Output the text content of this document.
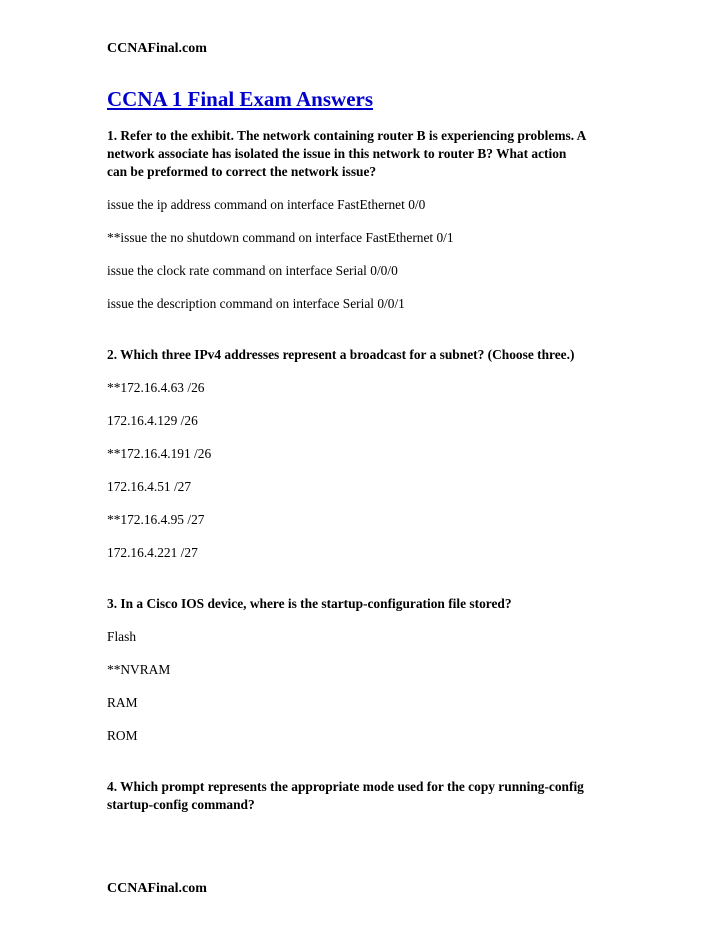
CCNAFinal.com
CCNA 1 Final Exam Answers

1. Refer to the exhibit. The network containing router B is experiencing problems. A
network associate has isolated the issue in this network to router B? What action
can be preformed to correct the network issue?

issue the ip address command on interface FastEthernet 0/0

**issue the no shutdown command on interface FastEthernet 0/1

issue the clock rate command on interface Serial 0/0/0

issue the description command on interface Serial 0/0/1

2. Which three IPv4 addresses represent a broadcast for a subnet? (Choose three.)

**172.16.4.63 /26

172.16.4.129 /26

**172.16.4.191 /26

172.16.4.51 /27

**172.16.4.95 /27

172.16.4.221 /27

3. In a Cisco IOS device, where is the startup-configuration file stored?

Flash

**NVRAM

RAM

ROM

4. Which prompt represents the appropriate mode used for the copy running-config
startup-config command?

CCNAFinal.com
